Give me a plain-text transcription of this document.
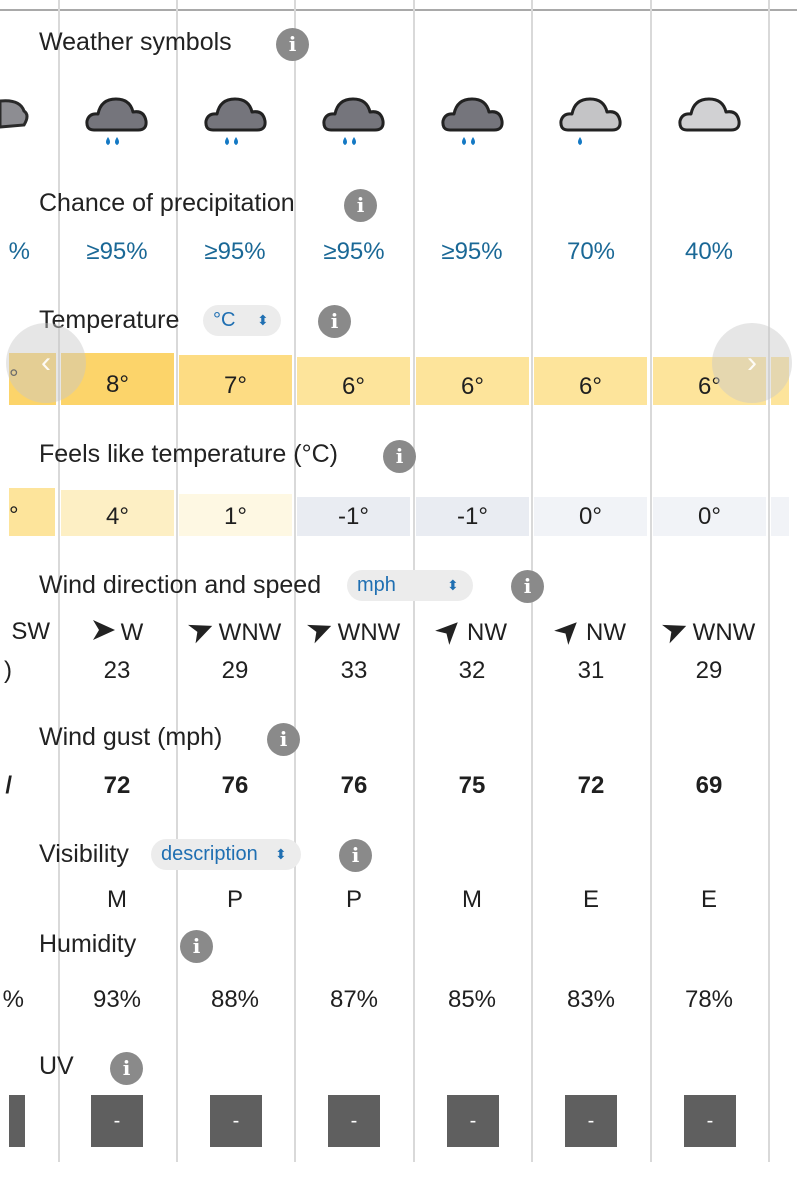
Weather symbols	i
Chance of precipitation	i
%	≥95%	≥95%	≥95%	≥95%	70%	40%
Temperature	°C ⬍	i
°	8°	7°	6°	6°	6°	6°
‹	›
Feels like temperature (°C)	i
°	4°	1°	-1°	-1°	0°	0°
Wind direction and speed	mph	⬍	i
SW	W	WNW	WNW	NW	NW	WNW
)	23	29	33	32	31	29
Wind gust (mph)	i
/	72	76	76	75	72	69
Visibility	description ⬍	i
M	P	P	M	E	E
Humidity	i
%	93%	88%	87%	85%	83%	78%
UV	i
-	-	-	-	-	-
